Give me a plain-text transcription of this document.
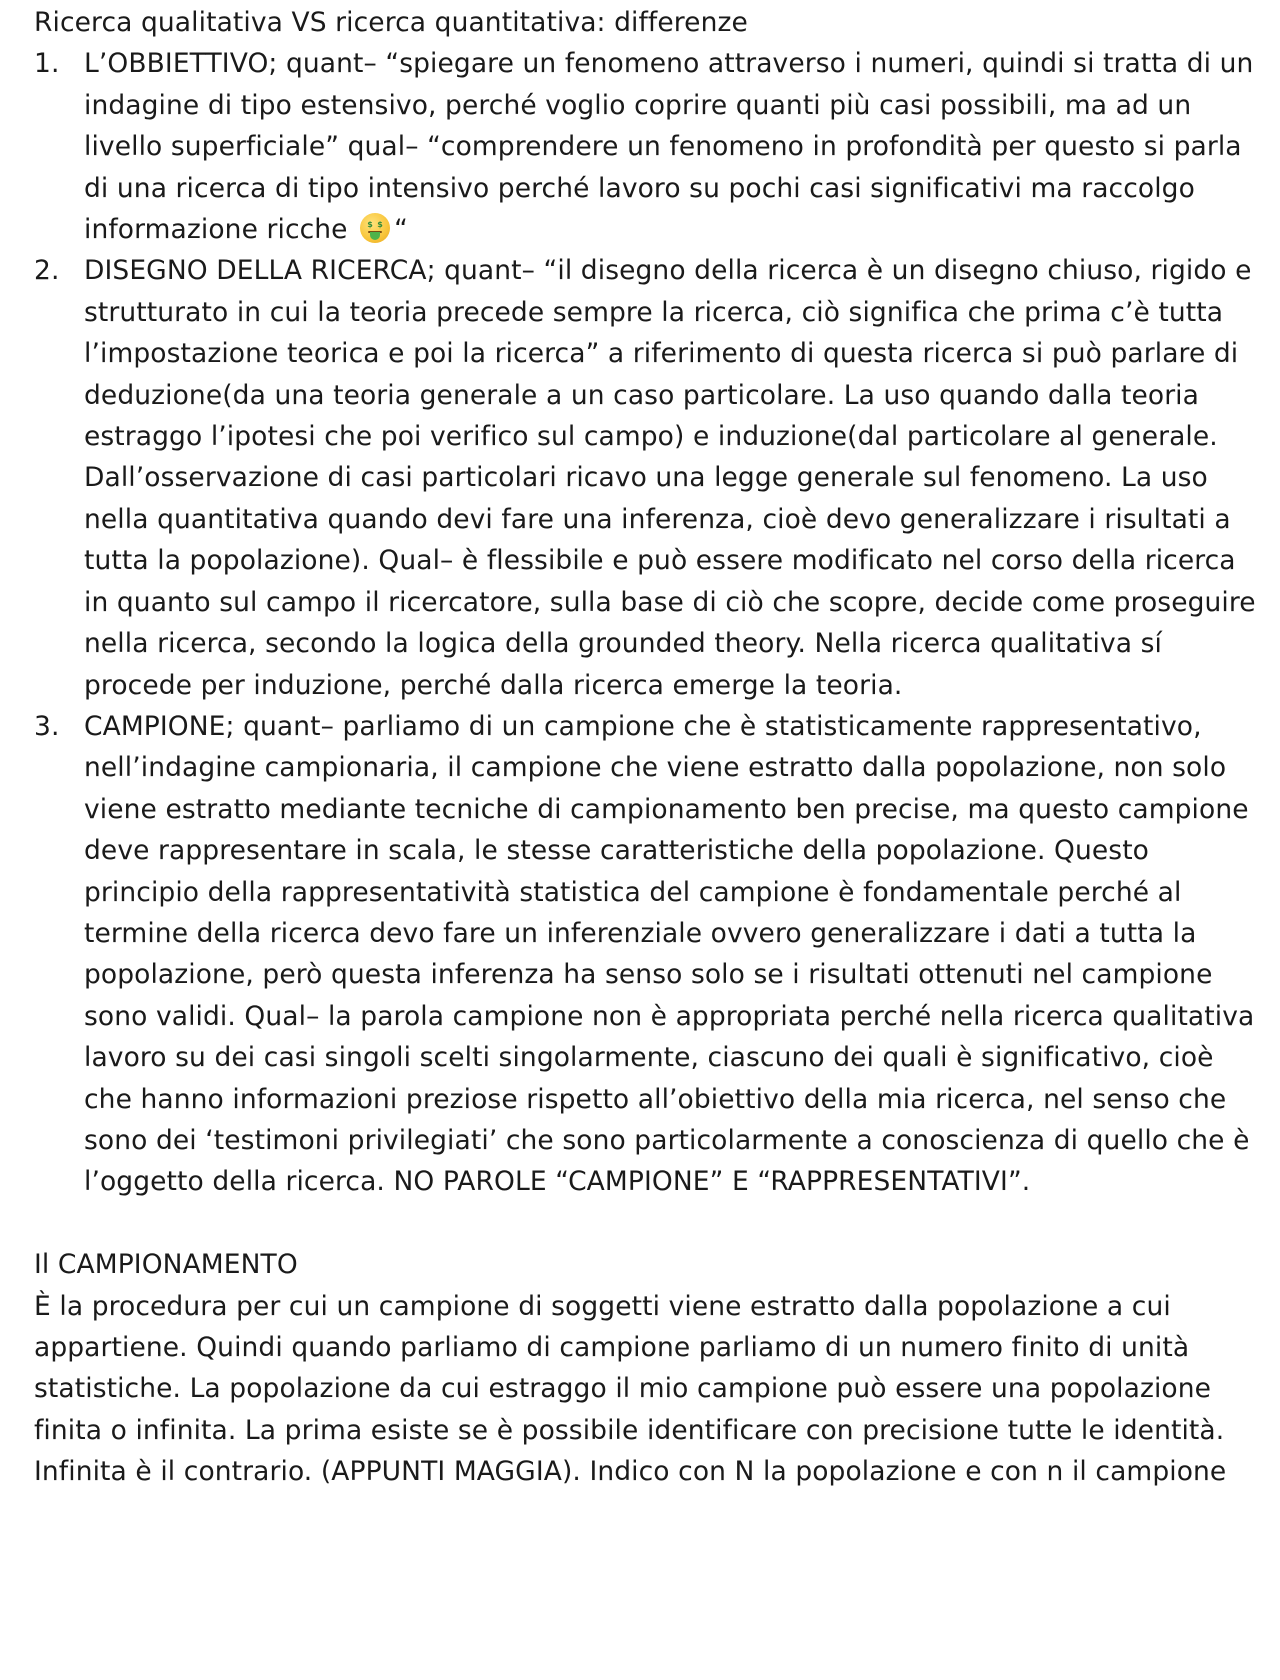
Ricerca qualitativa VS ricerca quantitativa: differenze

1. L’OBBIETTIVO; quant– “spiegare un fenomeno attraverso i numeri, quindi si tratta di un indagine di tipo estensivo, perché voglio coprire quanti più casi possibili, ma ad un livello superficiale” qual– “comprendere un fenomeno in profondità per questo si parla di una ricerca di tipo intensivo perché lavoro su pochi casi significativi ma raccolgo informazione ricche $ $ “
2. DISEGNO DELLA RICERCA; quant– “il disegno della ricerca è un disegno chiuso, rigido e strutturato in cui la teoria precede sempre la ricerca, ciò significa che prima c’è tutta l’impostazione teorica e poi la ricerca” a riferimento di questa ricerca si può parlare di deduzione(da una teoria generale a un caso particolare. La uso quando dalla teoria estraggo l’ipotesi che poi verifico sul campo) e induzione(dal particolare al generale. Dall’osservazione di casi particolari ricavo una legge generale sul fenomeno. La uso nella quantitativa quando devi fare una inferenza, cioè devo generalizzare i risultati a tutta la popolazione). Qual– è flessibile e può essere modificato nel corso della ricerca in quanto sul campo il ricercatore, sulla base di ciò che scopre, decide come proseguire nella ricerca, secondo la logica della grounded theory. Nella ricerca qualitativa sí procede per induzione, perché dalla ricerca emerge la teoria.
3. CAMPIONE; quant– parliamo di un campione che è statisticamente rappresentativo, nell’indagine campionaria, il campione che viene estratto dalla popolazione, non solo viene estratto mediante tecniche di campionamento ben precise, ma questo campione deve rappresentare in scala, le stesse caratteristiche della popolazione. Questo principio della rappresentatività statistica del campione è fondamentale perché al termine della ricerca devo fare un inferenziale ovvero generalizzare i dati a tutta la popolazione, però questa inferenza ha senso solo se i risultati ottenuti nel campione sono validi. Qual– la parola campione non è appropriata perché nella ricerca qualitativa lavoro su dei casi singoli scelti singolarmente, ciascuno dei quali è significativo, cioè che hanno informazioni preziose rispetto all’obiettivo della mia ricerca, nel senso che sono dei ‘testimoni privilegiati’ che sono particolarmente a conoscienza di quello che è l’oggetto della ricerca. NO PAROLE “CAMPIONE” E “RAPPRESENTATIVI”.

Il CAMPIONAMENTO

È la procedura per cui un campione di soggetti viene estratto dalla popolazione a cui appartiene. Quindi quando parliamo di campione parliamo di un numero finito di unità statistiche. La popolazione da cui estraggo il mio campione può essere una popolazione finita o infinita. La prima esiste se è possibile identificare con precisione tutte le identità. Infinita è il contrario. (APPUNTI MAGGIA). Indico con N la popolazione e con n il campione
